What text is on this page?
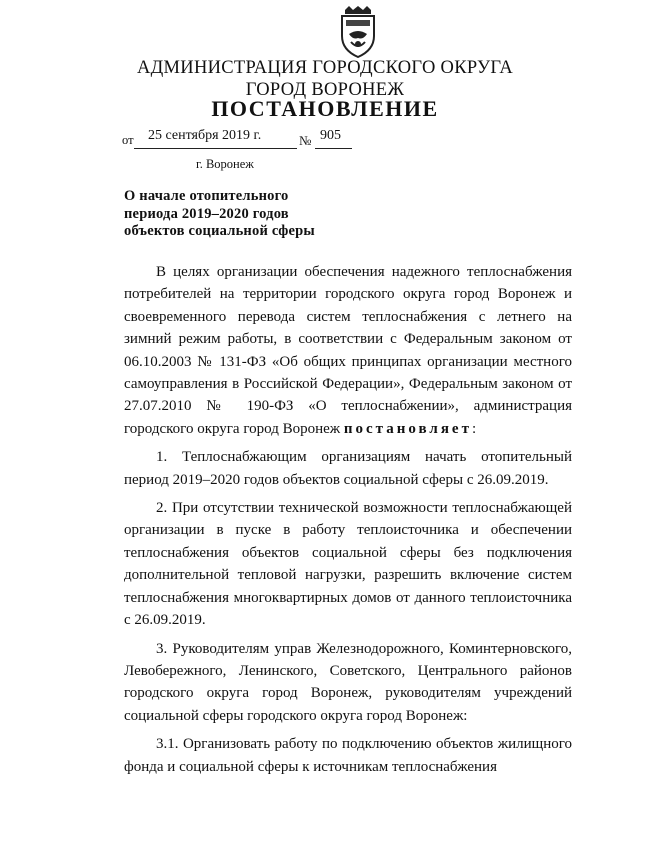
АДМИНИСТРАЦИЯ ГОРОДСКОГО ОКРУГА
ГОРОД ВОРОНЕЖ
ПОСТАНОВЛЕНИЕ
от 25 сентября 2019 г.	№ 905
г. Воронеж
О начале отопительного
периода 2019–2020 годов
объектов социальной сферы

В целях организации обеспечения надежного теплоснабжения потребителей на территории городского округа город Воронеж и своевременного перевода систем теплоснабжения с летнего на зимний режим работы, в соответствии с Федеральным законом от 06.10.2003 № 131-ФЗ «Об общих принципах организации местного самоуправления в Российской Федерации», Федеральным законом от 27.07.2010 № 190-ФЗ «О теплоснабжении», администрация городского округа город Воронеж постановляет:

1. Теплоснабжающим организациям начать отопительный период 2019–2020 годов объектов социальной сферы с 26.09.2019.

2. При отсутствии технической возможности теплоснабжающей организации в пуске в работу теплоисточника и обеспечении теплоснабжения объектов социальной сферы без подключения дополнительной тепловой нагрузки, разрешить включение систем теплоснабжения многоквартирных домов от данного теплоисточника с 26.09.2019.

3. Руководителям управ Железнодорожного, Коминтерновского, Левобережного, Ленинского, Советского, Центрального районов городского округа город Воронеж, руководителям учреждений социальной сферы городского округа город Воронеж:

3.1. Организовать работу по подключению объектов жилищного фонда и социальной сферы к источникам теплоснабжения
